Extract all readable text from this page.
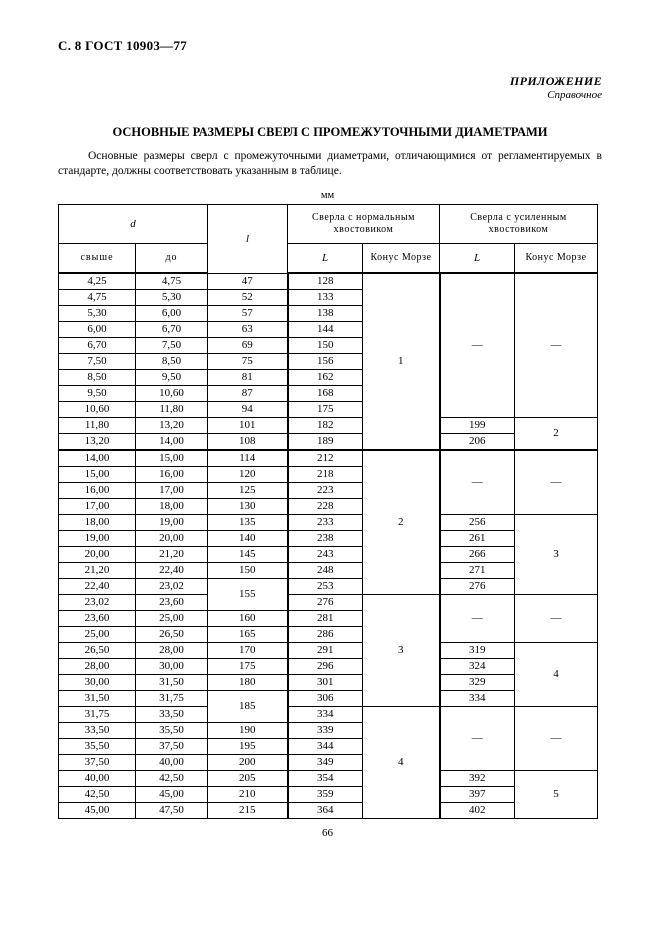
С. 8 ГОСТ 10903—77
ПРИЛОЖЕНИЕ
Справочное
ОСНОВНЫЕ РАЗМЕРЫ СВЕРЛ С ПРОМЕЖУТОЧНЫМИ ДИАМЕТРАМИ
Основные размеры сверл с промежуточными диаметрами, отличающимися от регламентируемых в стандарте, должны соответствовать указанным в таблице.
мм
d		l	Сверла с нормальным хвостовиком		Сверла с усиленным хвостовиком	
свыше	до		L	Конус Морзе	L	Конус Морзе
4,25	4,75	47	128	1	—	—
4,75	5,30	52	133			
5,30	6,00	57	138			
6,00	6,70	63	144			
6,70	7,50	69	150			
7,50	8,50	75	156			
8,50	9,50	81	162			
9,50	10,60	87	168			
10,60	11,80	94	175			
11,80	13,20	101	182		199	2
13,20	14,00	108	189		206	
14,00	15,00	114	212	2	—	—
15,00	16,00	120	218			
16,00	17,00	125	223			
17,00	18,00	130	228			
18,00	19,00	135	233		256	3
19,00	20,00	140	238		261	
20,00	21,20	145	243		266	
21,20	22,40	150	248		271	
22,40	23,02	155	253		276	
23,02	23,60		276	3	—	—
23,60	25,00	160	281			
25,00	26,50	165	286			
26,50	28,00	170	291		319	4
28,00	30,00	175	296		324	
30,00	31,50	180	301		329	
31,50	31,75	185	306		334	
31,75	33,50		334	4	—	—
33,50	35,50	190	339			
35,50	37,50	195	344			
37,50	40,00	200	349			
40,00	42,50	205	354		392	5
42,50	45,00	210	359		397	
45,00	47,50	215	364		402	
66
